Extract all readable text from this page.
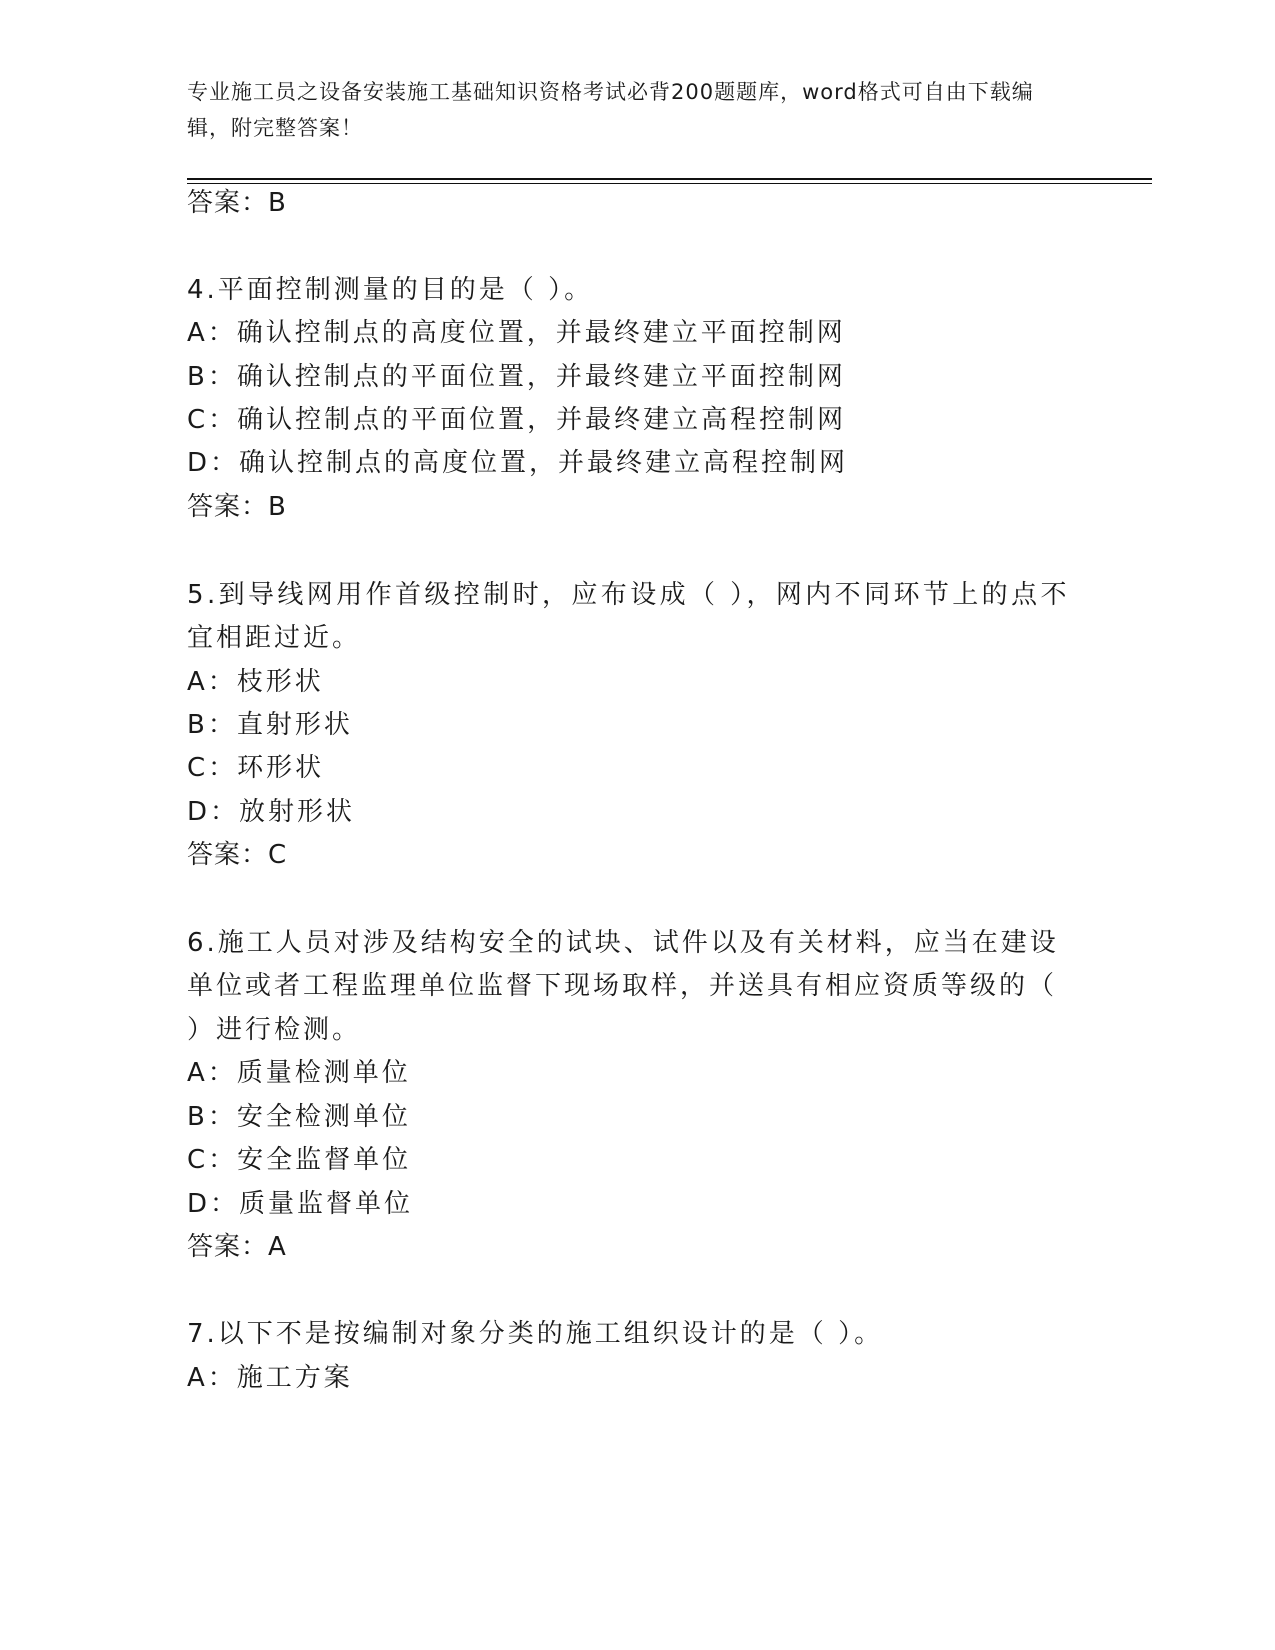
专业施工员之设备安装施工基础知识资格考试必背200题题库，word格式可自由下载编辑，附完整答案！
答案：B
4.平面控制测量的目的是（ ）。
A：确认控制点的高度位置，并最终建立平面控制网
B：确认控制点的平面位置，并最终建立平面控制网
C：确认控制点的平面位置，并最终建立高程控制网
D：确认控制点的高度位置，并最终建立高程控制网
答案：B
5.到导线网用作首级控制时，应布设成（ ），网内不同环节上的点不
宜相距过近。
A：枝形状
B：直射形状
C：环形状
D：放射形状
答案：C
6.施工人员对涉及结构安全的试块、试件以及有关材料，应当在建设
单位或者工程监理单位监督下现场取样，并送具有相应资质等级的（
）进行检测。
A：质量检测单位
B：安全检测单位
C：安全监督单位
D：质量监督单位
答案：A
7.以下不是按编制对象分类的施工组织设计的是（ ）。
A：施工方案
